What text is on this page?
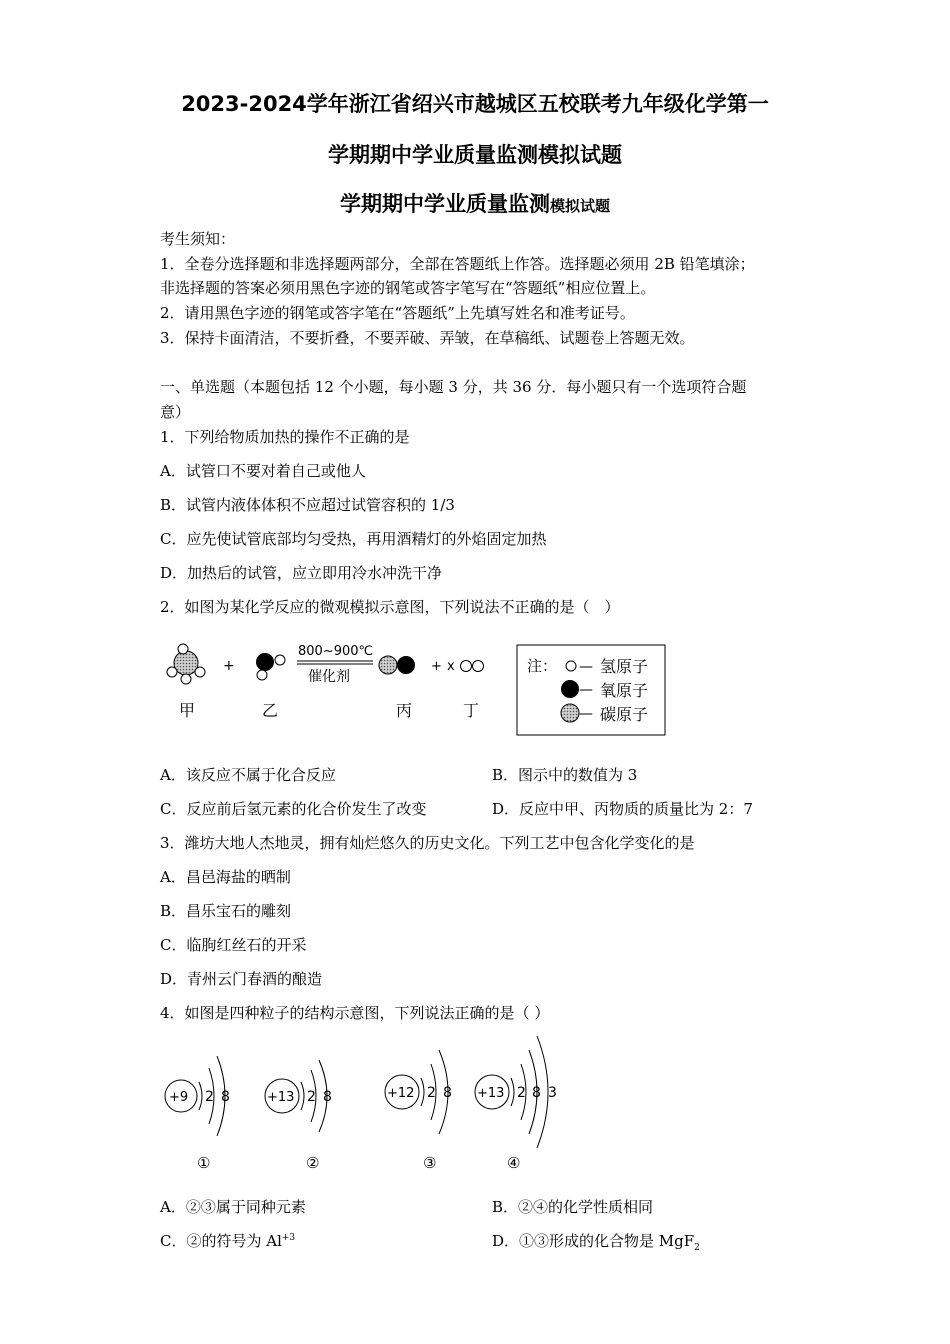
2023-2024学年浙江省绍兴市越城区五校联考九年级化学第一
学期期中学业质量监测模拟试题
学期期中学业质量监测模拟试题
考生须知：
1．全卷分选择题和非选择题两部分，全部在答题纸上作答。选择题必须用 2B 铅笔填涂；
非选择题的答案必须用黑色字迹的钢笔或答字笔写在“答题纸”相应位置上。
2．请用黑色字迹的钢笔或答字笔在“答题纸”上先填写姓名和准考证号。
3．保持卡面清洁，不要折叠，不要弄破、弄皱，在草稿纸、试题卷上答题无效。
一、单选题（本题包括 12 个小题，每小题 3 分，共 36 分．每小题只有一个选项符合题
意）
1．下列给物质加热的操作不正确的是
A．试管口不要对着自己或他人
B．试管内液体体积不应超过试管容积的 1/3
C．应先使试管底部均匀受热，再用酒精灯的外焰固定加热
D．加热后的试管，应立即用冷水冲洗干净
2．如图为某化学反应的微观模拟示意图，下列说法不正确的是（　）
+
800~900℃
催化剂
+ x
甲	乙	丙	丁
注： — 氢原子
— 氧原子
— 碳原子
A．该反应不属于化合反应	B．图示中的数值为 3
C．反应前后氢元素的化合价发生了改变	D．反应中甲、丙物质的质量比为 2：7
3．潍坊大地人杰地灵，拥有灿烂悠久的历史文化。下列工艺中包含化学变化的是
A．昌邑海盐的晒制
B．昌乐宝石的雕刻
C．临朐红丝石的开采
D．青州云门春酒的酿造
4．如图是四种粒子的结构示意图，下列说法正确的是（ ）
+9 2 8
①
+13 2 8
②
+12 2 8
③
+13 2 8 3
④
A．②③属于同种元素	B．②④的化学性质相同
C．②的符号为 $Al^{+3}$	D．①③形成的化合物是 MgF$_2$
